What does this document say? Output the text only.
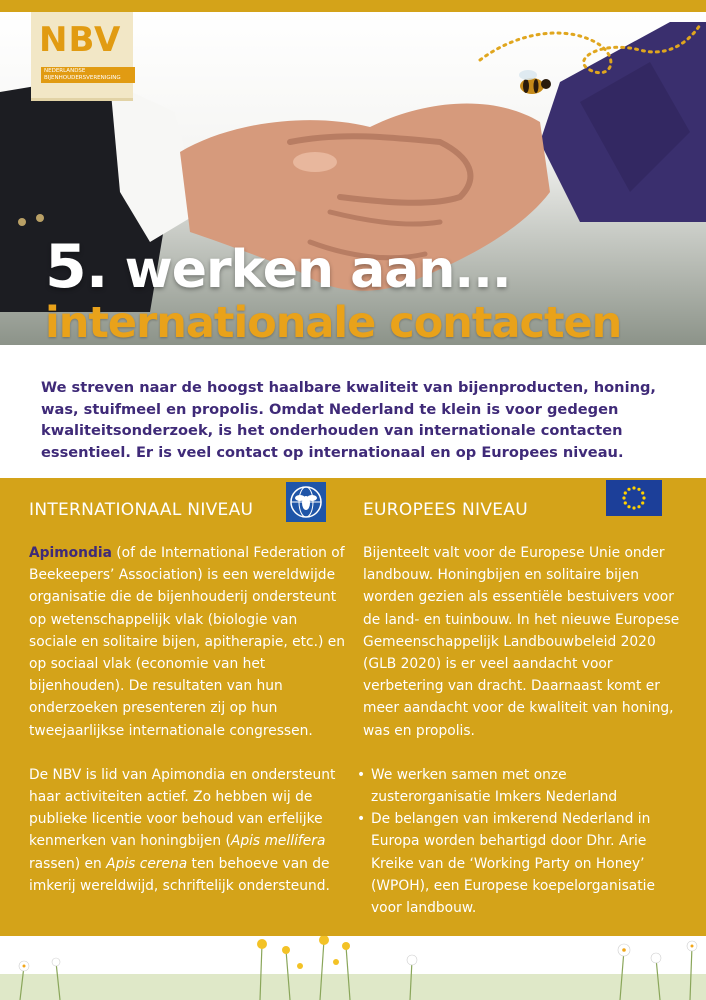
NBV
NEDERLANDSE
BIJENHOUDERSVERENIGING
5. werken aan...
internationale contacten

We streven naar de hoogst haalbare kwaliteit van bijenproducten, honing, was, stuifmeel en propolis. Omdat Nederland te klein is voor gedegen kwaliteitsonderzoek, is het onderhouden van internationale contacten essentieel. Er is veel contact op internationaal en op Europees niveau.

INTERNATIONAAL NIVEAU

Apimondia (of de International Federation of Beekeepers’ Association) is een wereldwijde organisatie die de bijenhouderij ondersteunt op wetenschappelijk vlak (biologie van sociale en solitaire bijen, apitherapie, etc.) en op sociaal vlak (economie van het bijenhouden). De resultaten van hun onderzoeken presenteren zij op hun tweejaarlijkse internationale congressen.

De NBV is lid van Apimondia en ondersteunt haar activiteiten actief. Zo hebben wij de publieke licentie voor behoud van erfelijke kenmerken van honingbijen (Apis mellifera rassen) en Apis cerena ten behoeve van de imkerij wereldwijd, schriftelijk ondersteund.

EUROPEES NIVEAU

Bijenteelt valt voor de Europese Unie onder landbouw. Honingbijen en solitaire bijen worden gezien als essentiële bestuivers voor de land- en tuinbouw. In het nieuwe Europese Gemeenschappelijk Landbouwbeleid 2020 (GLB 2020) is er veel aandacht voor verbetering van dracht. Daarnaast komt er meer aandacht voor de kwaliteit van honing, was en propolis.

• We werken samen met onze zusterorganisatie Imkers Nederland
• De belangen van imkerend Nederland in Europa worden behartigd door Dhr. Arie Kreike van de ‘Working Party on Honey’ (WPOH), een Europese koepelorganisatie voor landbouw.
